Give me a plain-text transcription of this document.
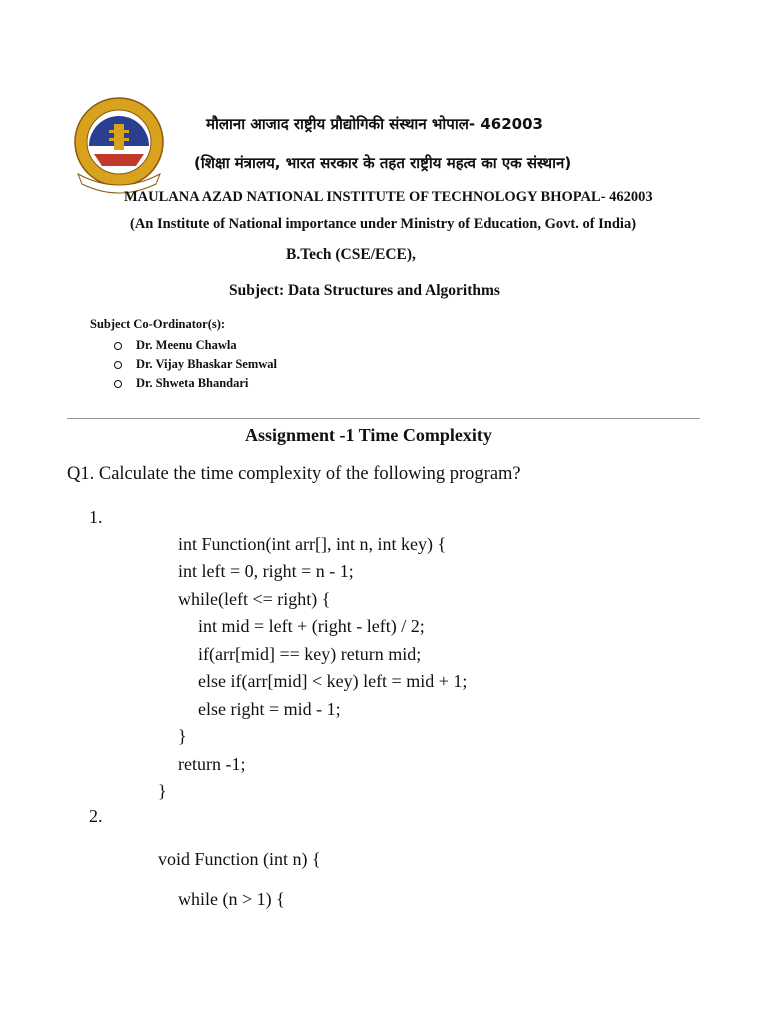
मौलाना आजाद राष्ट्रीय प्रौद्योगिकी संस्थान भोपाल- 462003
(शिक्षा मंत्रालय, भारत सरकार के तहत राष्ट्रीय महत्व का एक संस्थान)
MAULANA AZAD NATIONAL INSTITUTE OF TECHNOLOGY BHOPAL- 462003
(An Institute of National importance under Ministry of Education, Govt. of India)
B.Tech (CSE/ECE),
Subject: Data Structures and Algorithms
Subject Co-Ordinator(s):
Dr. Meenu Chawla
Dr. Vijay Bhaskar Semwal
Dr. Shweta Bhandari
Assignment -1 Time Complexity
Q1. Calculate the time complexity of the following program?
1.
int Function(int arr[], int n, int key) {
int left = 0, right = n - 1;
while(left <= right) {
int mid = left + (right - left) / 2;
if(arr[mid] == key) return mid;
else if(arr[mid] < key) left = mid + 1;
else right = mid - 1;
}
return -1;
}
2.
void Function (int n) {
while (n > 1) {
